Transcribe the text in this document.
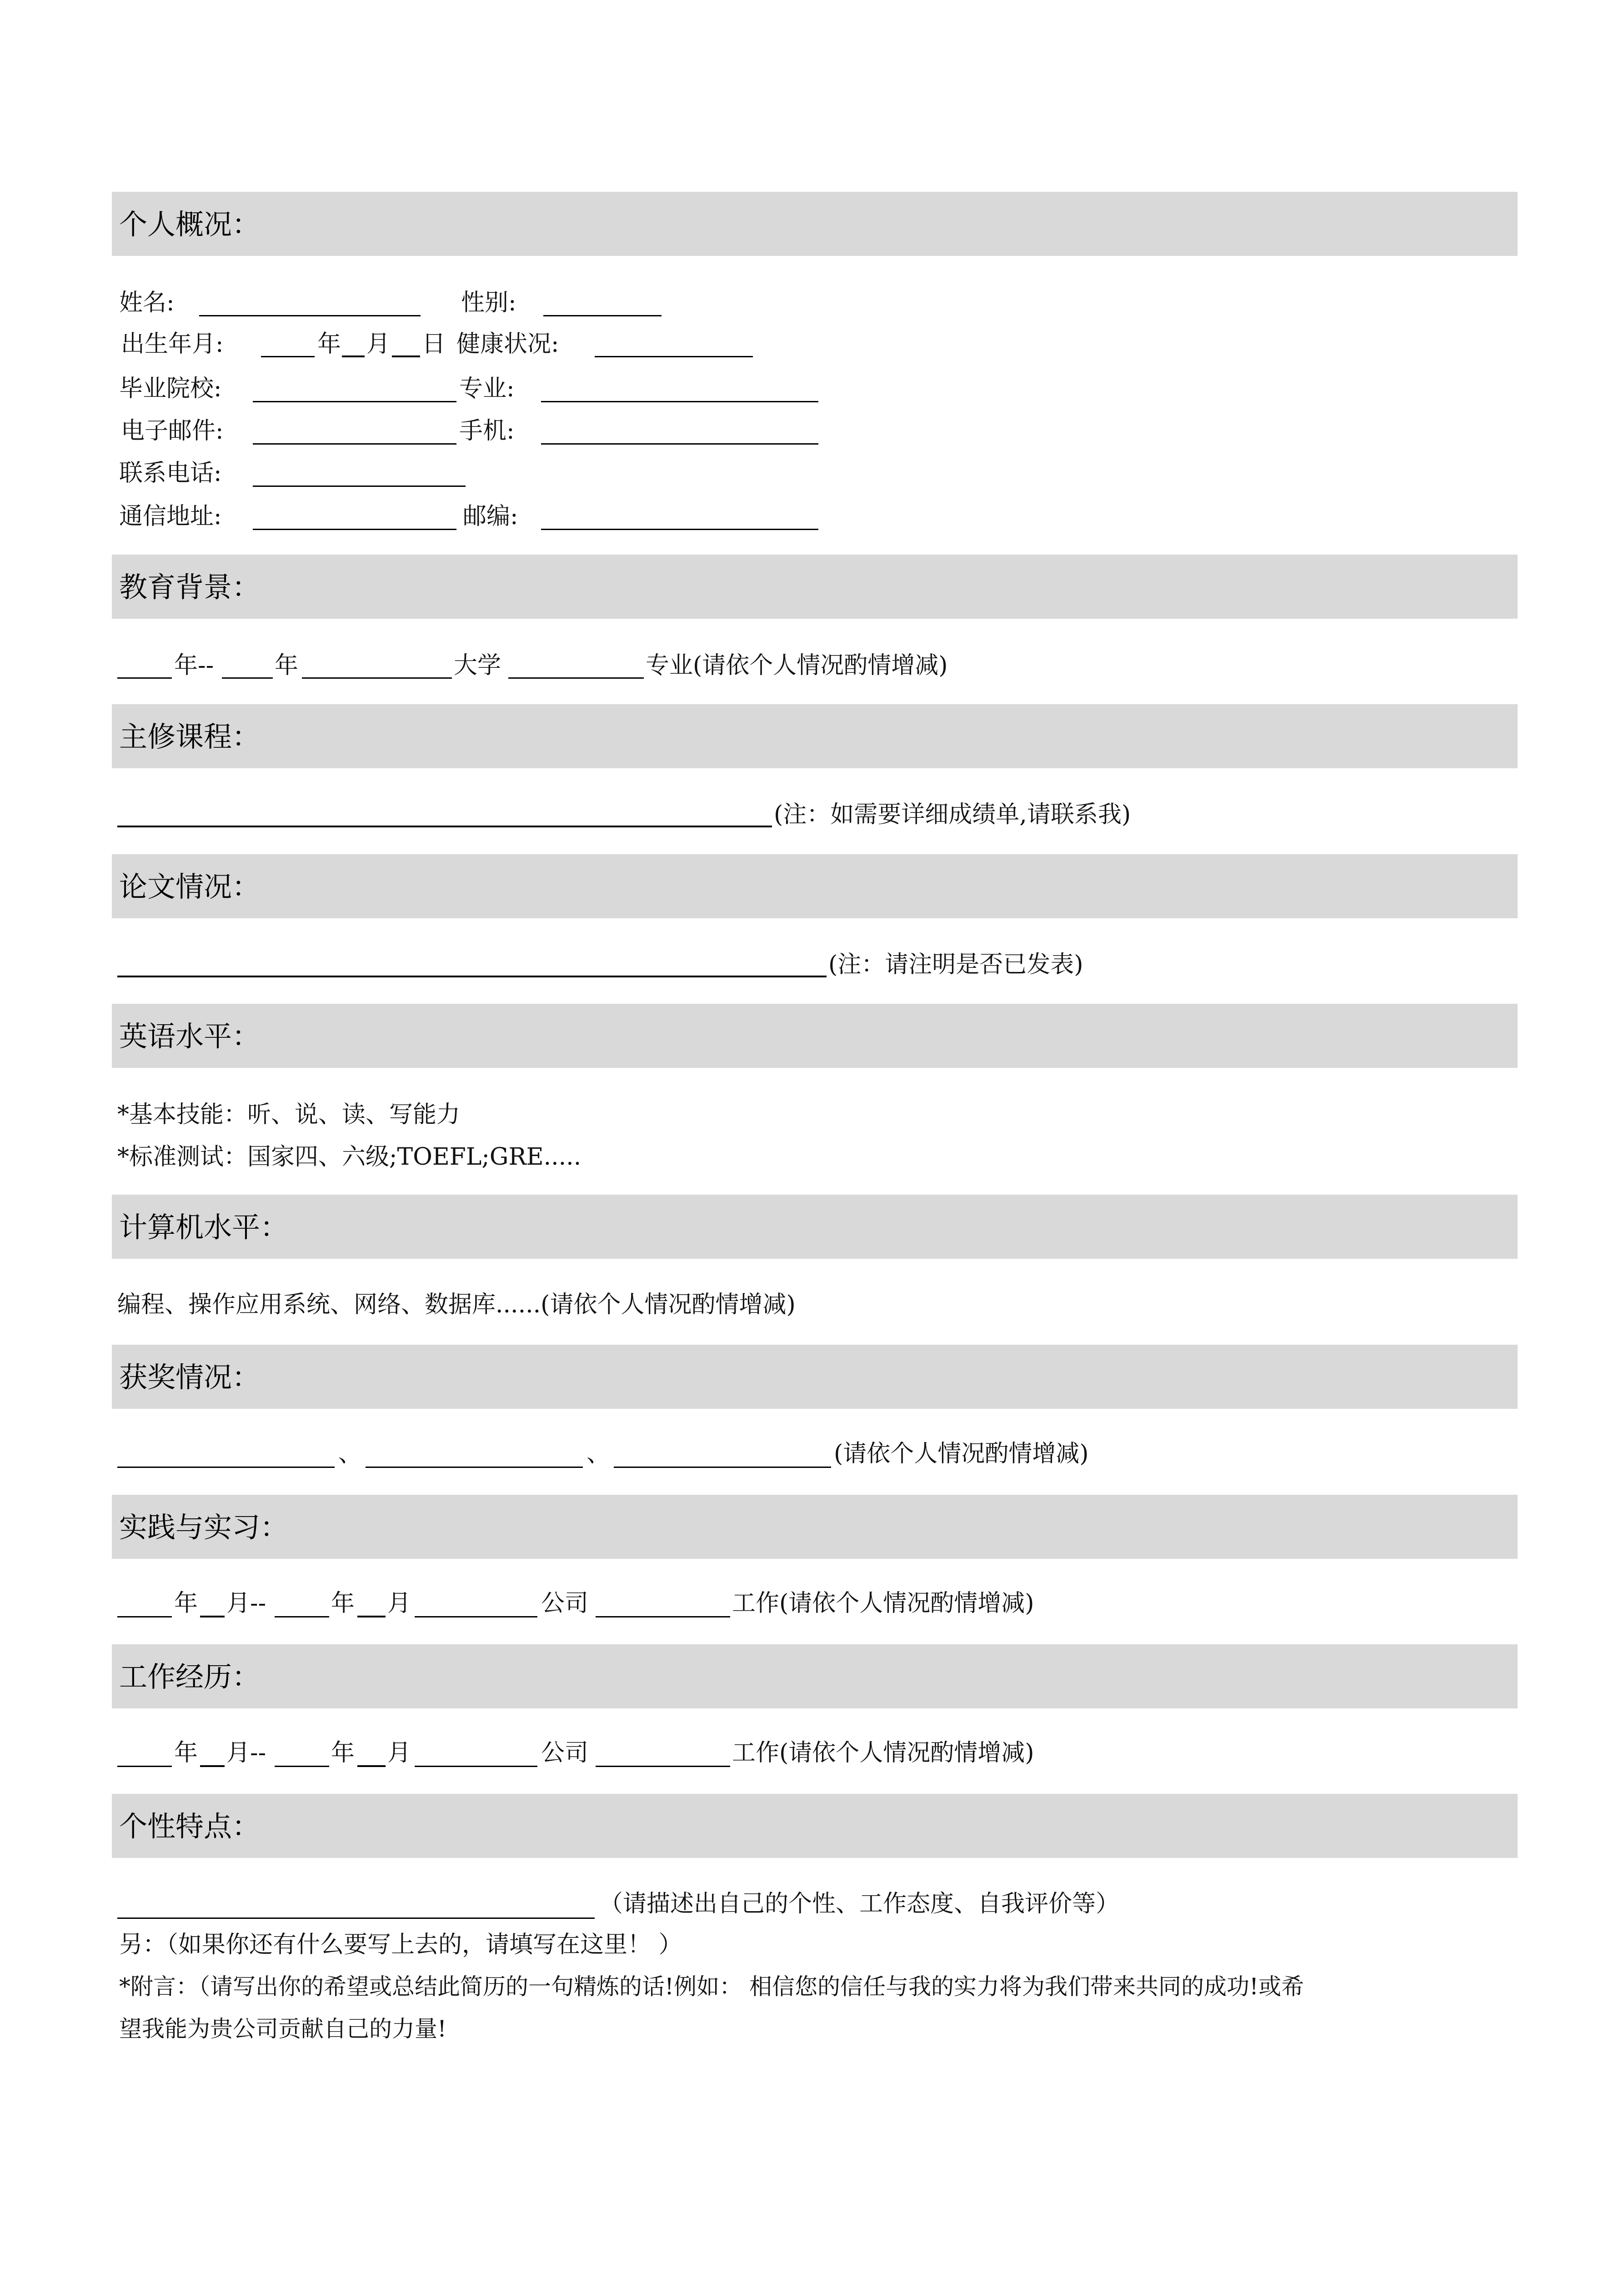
个人概况：
姓名:	性别:
出生年月:	年 月 日 健康状况:
毕业院校:	专业:
电子邮件:	手机:
联系电话:
通信地址:	邮编:
教育背景：
年--	年	大学	专业(请依个人情况酌情增减)
主修课程：
(注：如需要详细成绩单,请联系我)
论文情况：
(注：请注明是否已发表)
英语水平：
*基本技能：听、说、读、写能力
*标准测试：国家四、六级;TOEFL;GRE.....
计算机水平：
编程、操作应用系统、网络、数据库......(请依个人情况酌情增减)
获奖情况：
、	、	(请依个人情况酌情增减)
实践与实习：
年 月--	年 月	公司	工作(请依个人情况酌情增减)
工作经历：
年 月--	年 月	公司	工作(请依个人情况酌情增减)
个性特点：
（请描述出自己的个性、工作态度、自我评价等）
另：（如果你还有什么要写上去的，请填写在这里！ ）
*附言：（请写出你的希望或总结此简历的一句精炼的话!例如： 相信您的信任与我的实力将为我们带来共同的成功!或希
望我能为贵公司贡献自己的力量!
